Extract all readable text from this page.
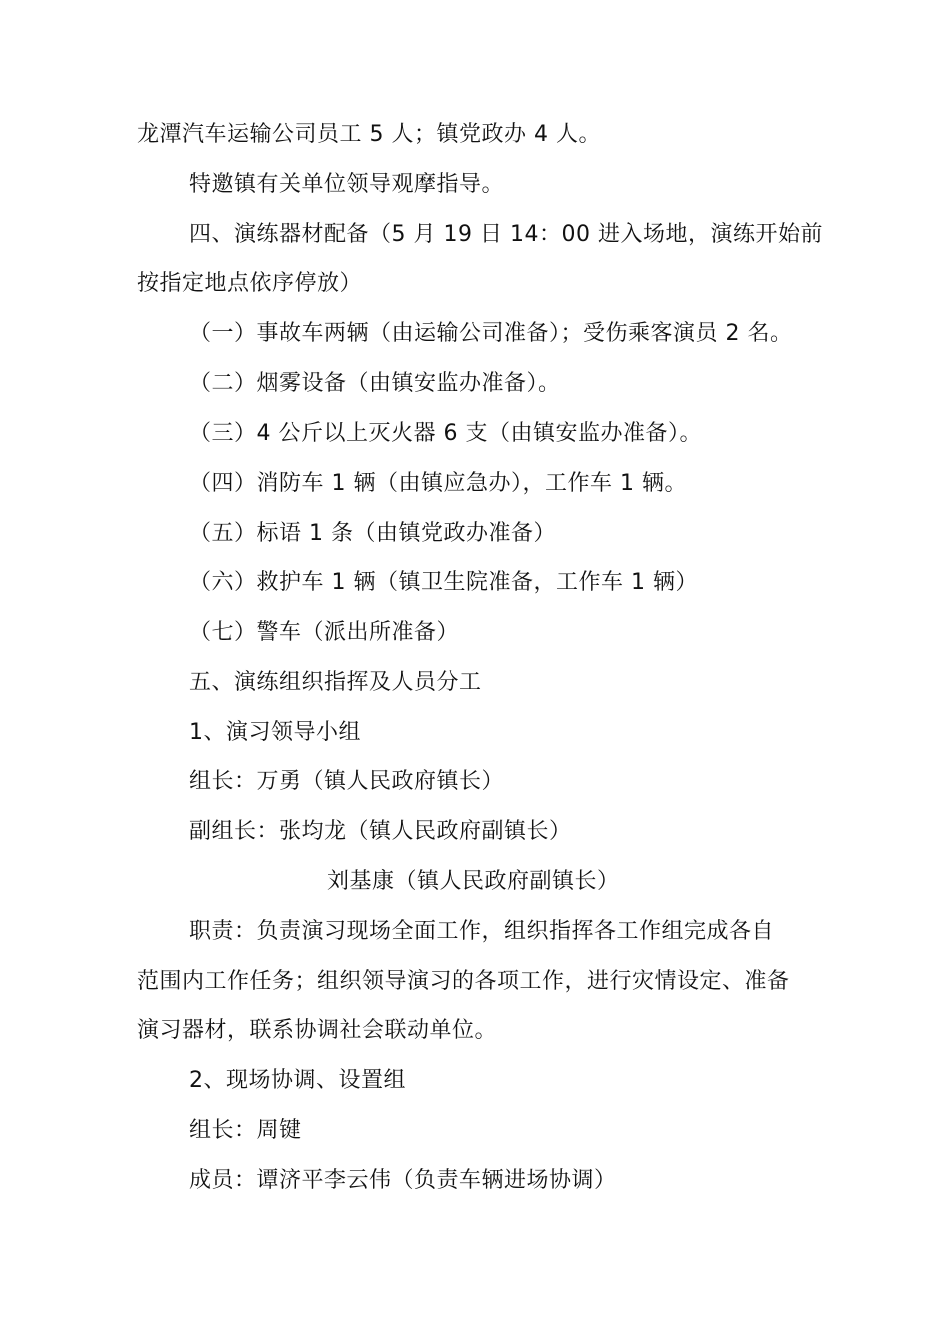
龙潭汽车运输公司员工 5 人；镇党政办 4 人。
特邀镇有关单位领导观摩指导。
四、演练器材配备（5 月 19 日 14：00 进入场地，演练开始前
按指定地点依序停放）
（一）事故车两辆（由运输公司准备）；受伤乘客演员 2 名。
（二）烟雾设备（由镇安监办准备）。
（三）4 公斤以上灭火器 6 支（由镇安监办准备）。
（四）消防车 1 辆（由镇应急办），工作车 1 辆。
（五）标语 1 条（由镇党政办准备）
（六）救护车 1 辆（镇卫生院准备，工作车 1 辆）
（七）警车（派出所准备）
五、演练组织指挥及人员分工
1、演习领导小组
组长：万勇（镇人民政府镇长）
副组长：张均龙（镇人民政府副镇长）
刘基康（镇人民政府副镇长）
职责：负责演习现场全面工作，组织指挥各工作组完成各自
范围内工作任务；组织领导演习的各项工作，进行灾情设定、准备
演习器材，联系协调社会联动单位。
2、现场协调、设置组
组长：周键
成员：谭济平李云伟（负责车辆进场协调）
